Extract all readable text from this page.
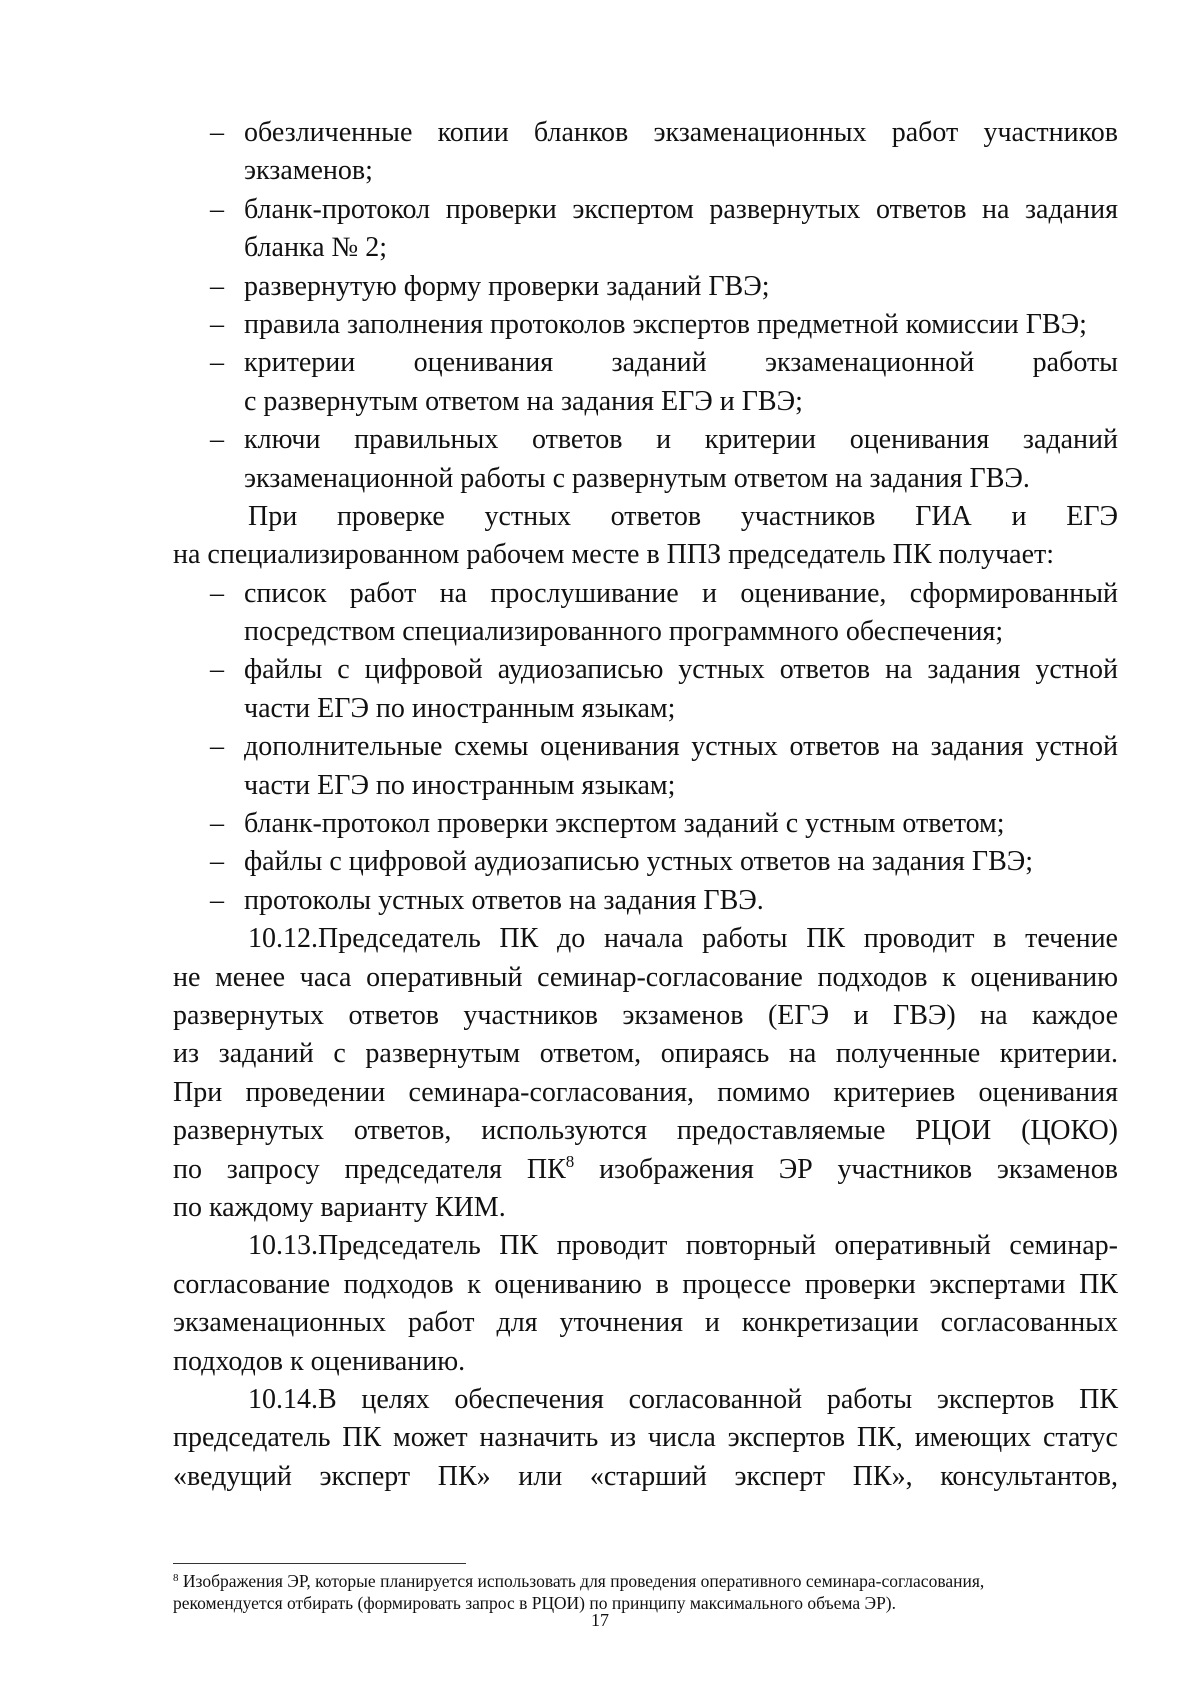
– обезличенные копии бланков экзаменационных работ участников

экзаменов;

– бланк-протокол проверки экспертом развернутых ответов на задания

бланка № 2;

– развернутую форму проверки заданий ГВЭ;

– правила заполнения протоколов экспертов предметной комиссии ГВЭ;

– критерии оценивания заданий экзаменационной работы

с развернутым ответом на задания ЕГЭ и ГВЭ;

– ключи правильных ответов и критерии оценивания заданий

экзаменационной работы с развернутым ответом на задания ГВЭ.

При проверке устных ответов участников ГИА и ЕГЭ

на специализированном рабочем месте в ППЗ председатель ПК получает:

– список работ на прослушивание и оценивание, сформированный

посредством специализированного программного обеспечения;

– файлы с цифровой аудиозаписью устных ответов на задания устной

части ЕГЭ по иностранным языкам;

– дополнительные схемы оценивания устных ответов на задания устной

части ЕГЭ по иностранным языкам;

– бланк-протокол проверки экспертом заданий с устным ответом;

– файлы с цифровой аудиозаписью устных ответов на задания ГВЭ;

– протоколы устных ответов на задания ГВЭ.

10.12.Председатель ПК до начала работы ПК проводит в течение

не менее часа оперативный семинар-согласование подходов к оцениванию

развернутых ответов участников экзаменов (ЕГЭ и ГВЭ) на каждое

из заданий с развернутым ответом, опираясь на полученные критерии.

При проведении семинара-согласования, помимо критериев оценивания

развернутых ответов, используются предоставляемые РЦОИ (ЦОКО)

по запросу председателя $ПК^8$ изображения ЭР участников экзаменов

по каждому варианту КИМ.

10.13.Председатель ПК проводит повторный оперативный семинар-

согласование подходов к оцениванию в процессе проверки экспертами ПК

экзаменационных работ для уточнения и конкретизации согласованных

подходов к оцениванию.

10.14.В целях обеспечения согласованной работы экспертов ПК

председатель ПК может назначить из числа экспертов ПК, имеющих статус

«ведущий эксперт ПК» или «старший эксперт ПК», консультантов,

$^8$ Изображения ЭР, которые планируется использовать для проведения оперативного семинара-согласования,

рекомендуется отбирать (формировать запрос в РЦОИ) по принципу максимального объема ЭР).

17
